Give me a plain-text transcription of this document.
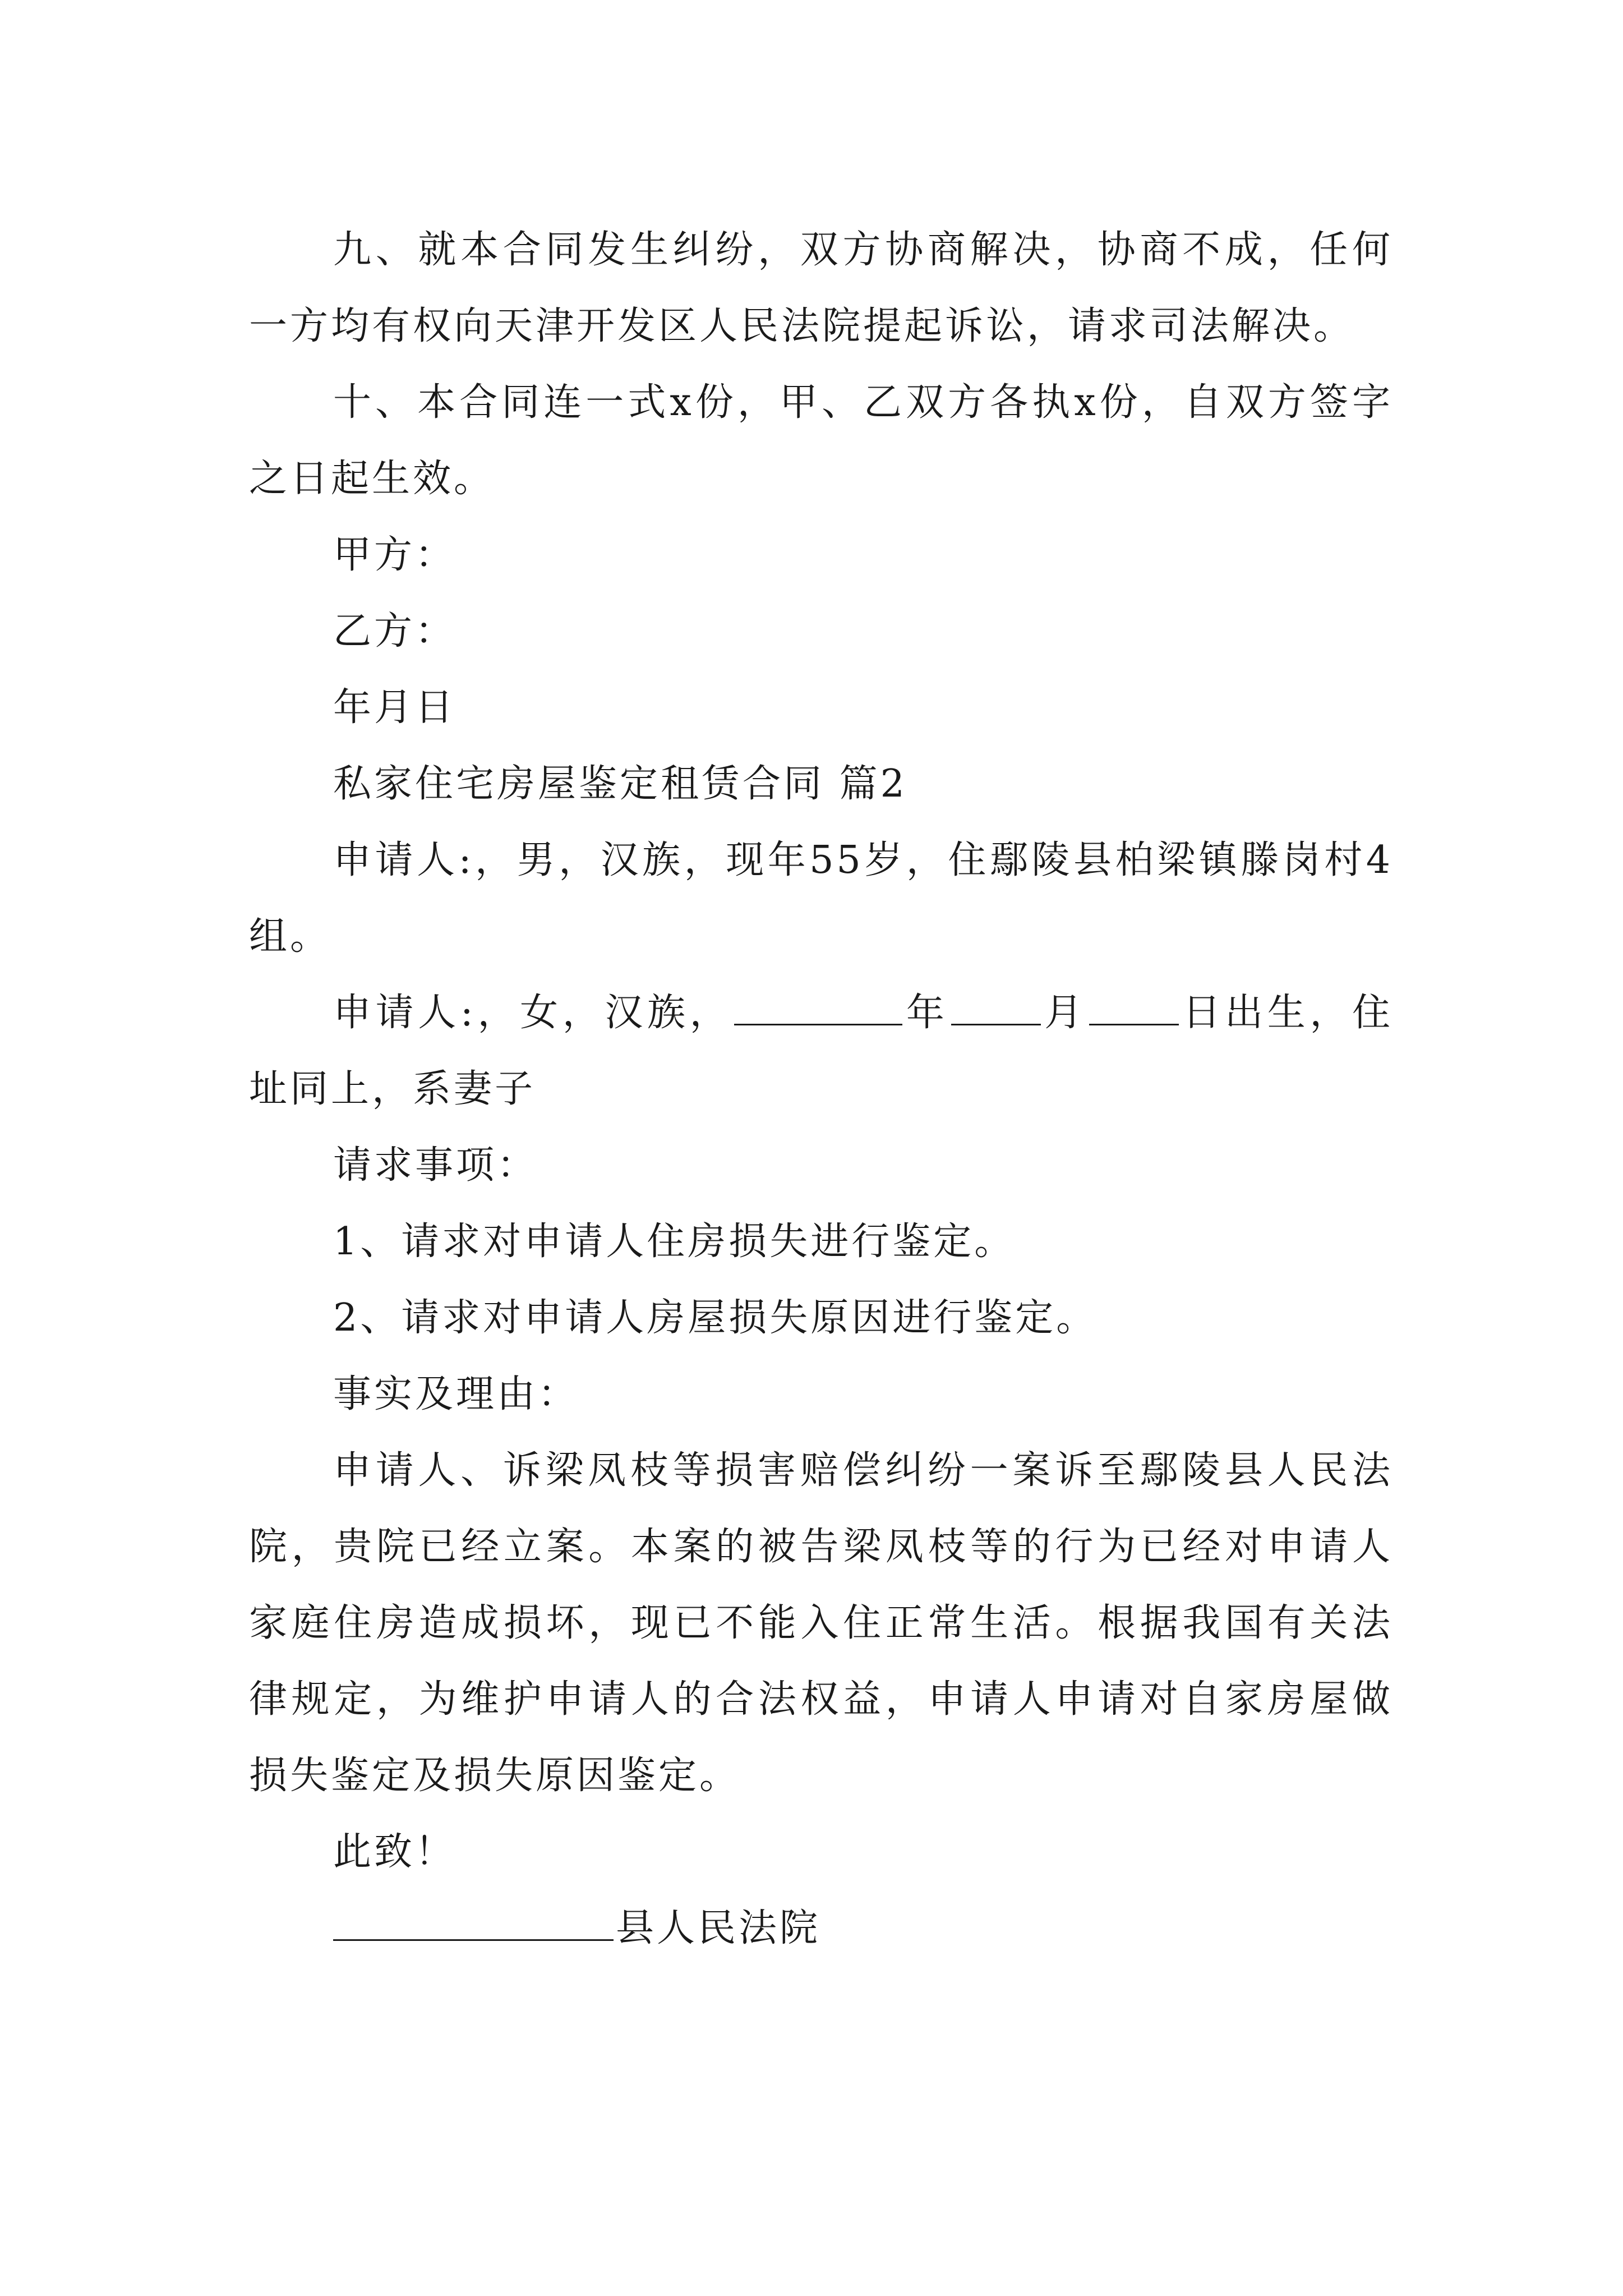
九、就本合同发生纠纷，双方协商解决，协商不成，任何一方均有权向天津开发区人民法院提起诉讼，请求司法解决。

十、本合同连一式x份，甲、乙双方各执x份，自双方签字之日起生效。

甲方：

乙方：

年月日

私家住宅房屋鉴定租赁合同 篇2

申请人:，男，汉族，现年55岁，住鄢陵县柏梁镇滕岗村4组。

申请人:，女，汉族，	年 月 日出生，住址同上，系妻子

请求事项：

1、请求对申请人住房损失进行鉴定。

2、请求对申请人房屋损失原因进行鉴定。

事实及理由：

申请人、诉梁凤枝等损害赔偿纠纷一案诉至鄢陵县人民法院，贵院已经立案。本案的被告梁凤枝等的行为已经对申请人家庭住房造成损坏，现已不能入住正常生活。根据我国有关法律规定，为维护申请人的合法权益，申请人申请对自家房屋做损失鉴定及损失原因鉴定。

此致！

县人民法院
